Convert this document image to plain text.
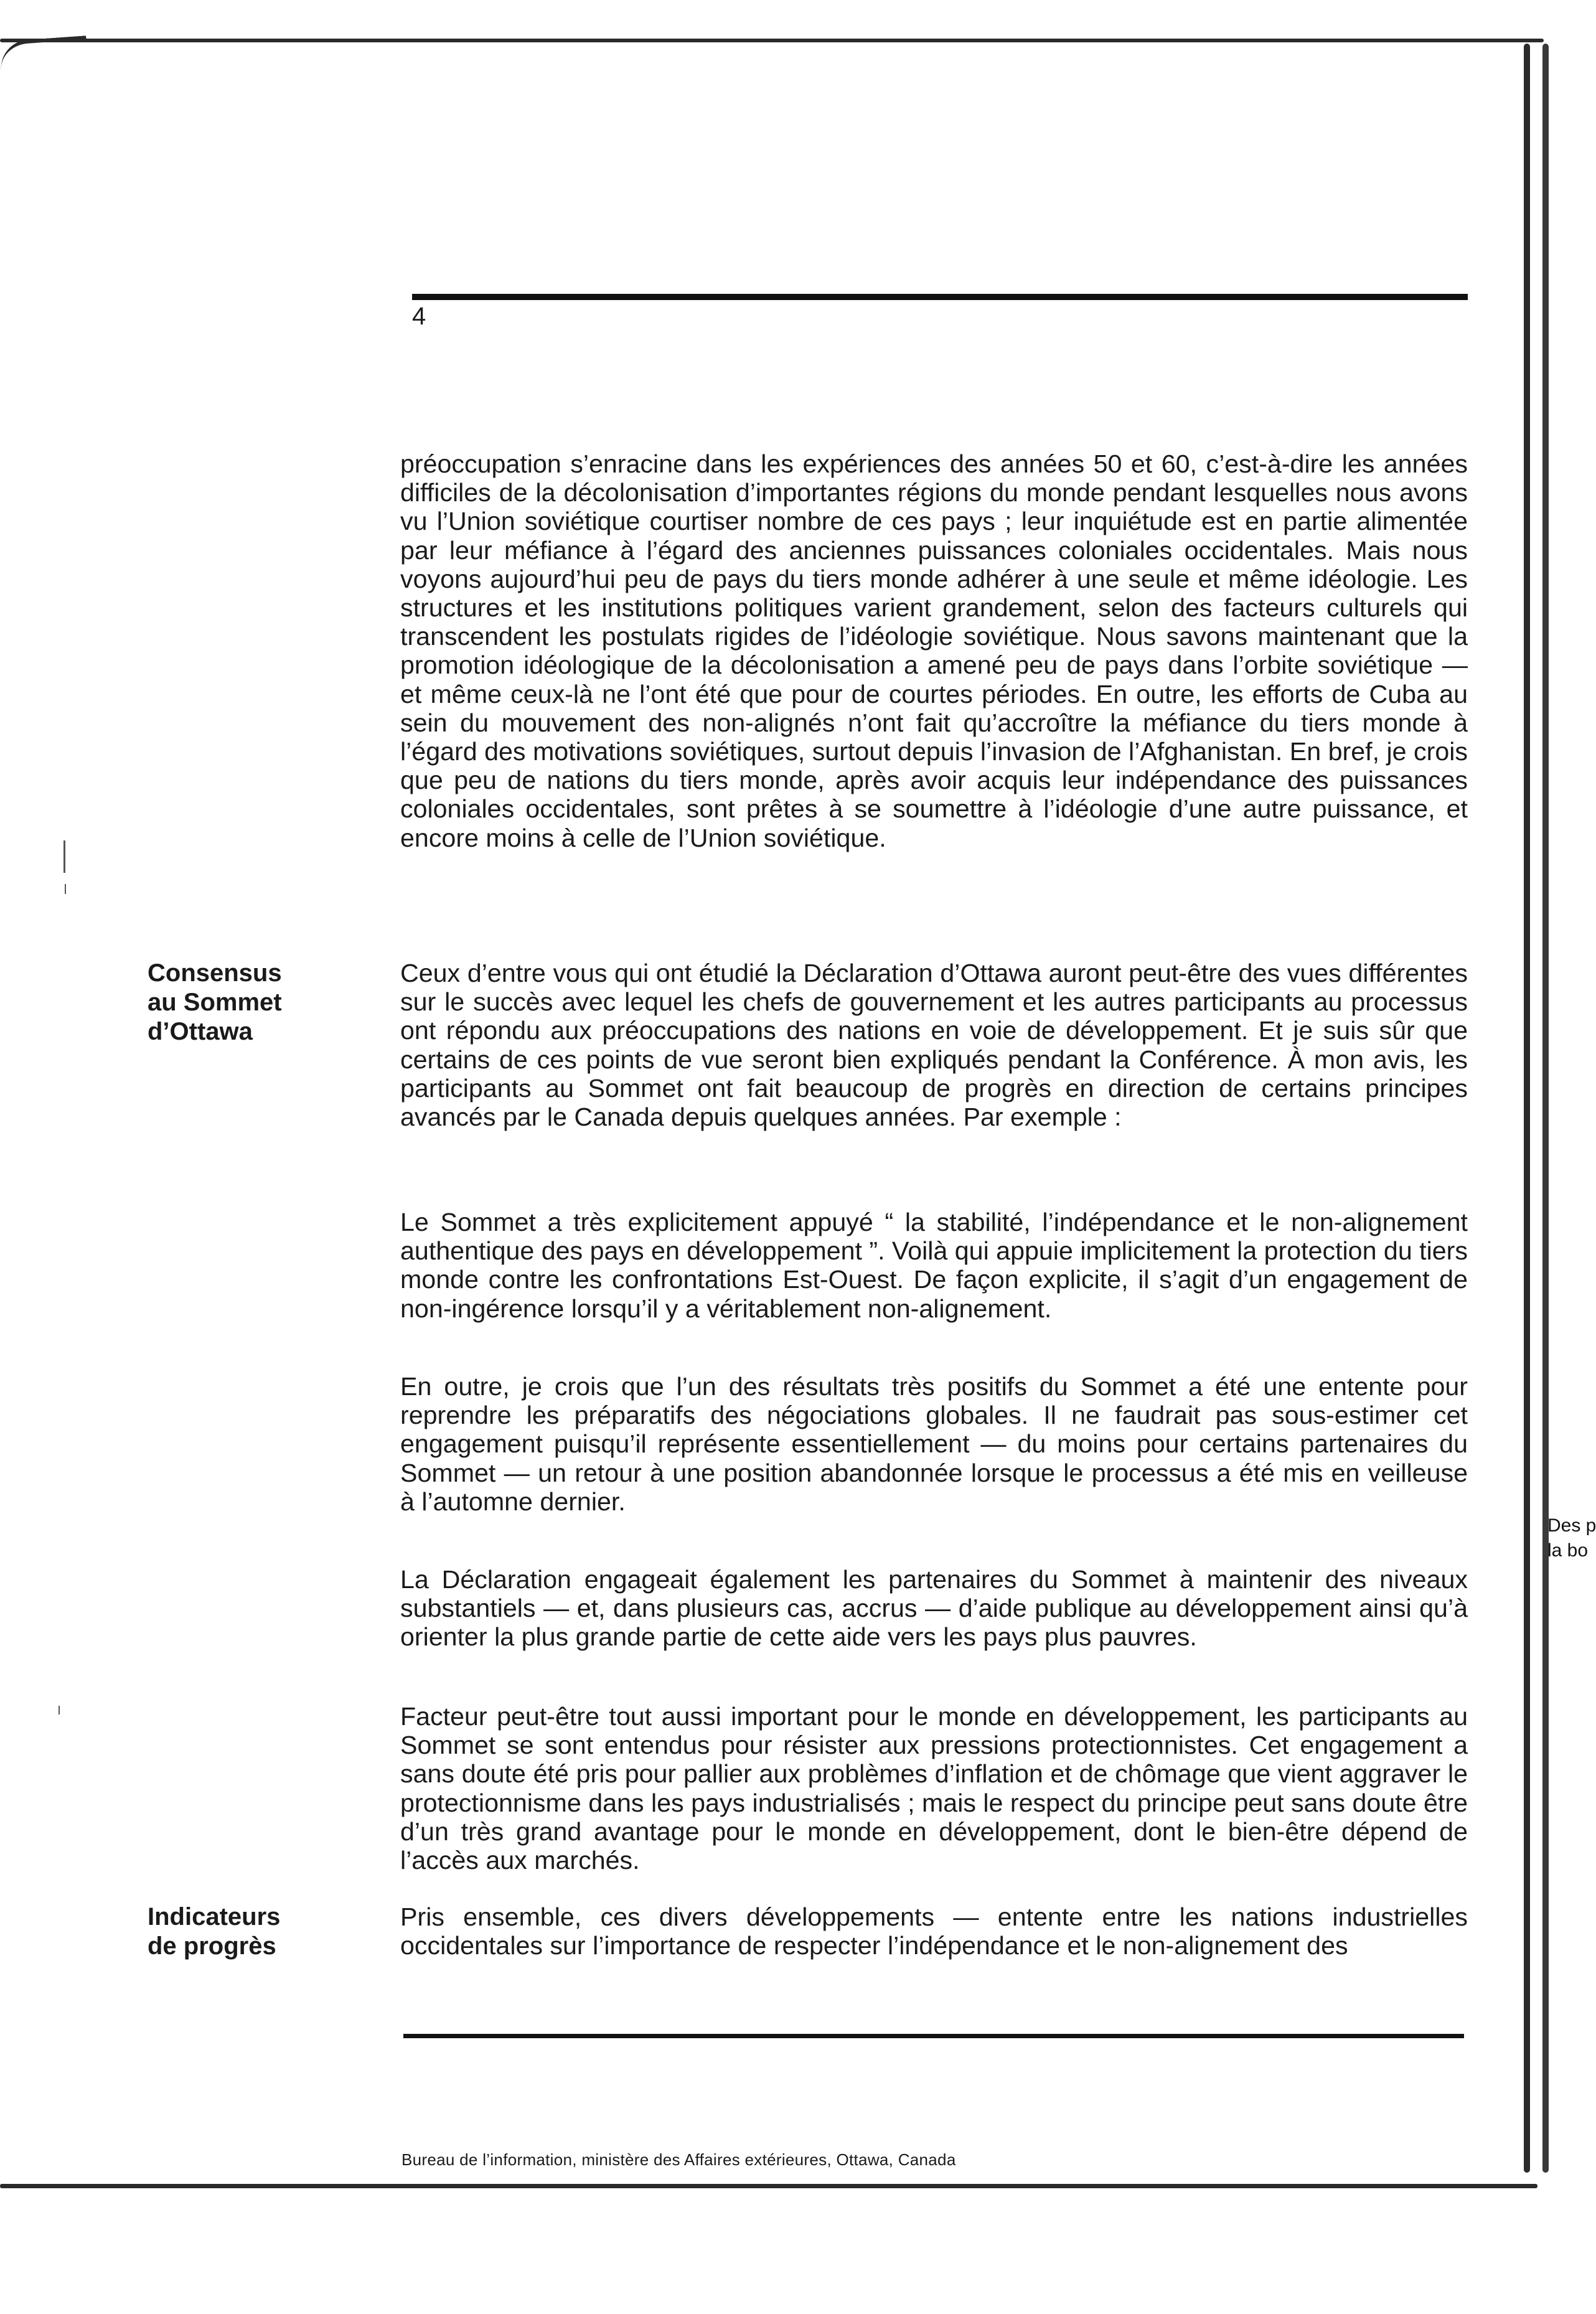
Des p
la bo
4
Consensus
au Sommet
d’Ottawa
Indicateurs
de progrès

préoccupation s’enracine dans les expériences des années 50 et 60, c’est-à-dire les années difficiles de la décolonisation d’importantes régions du monde pendant lesquelles nous avons vu l’Union soviétique courtiser nombre de ces pays ; leur inquiétude est en partie alimentée par leur méfiance à l’égard des anciennes puissances coloniales occidentales. Mais nous voyons aujourd’hui peu de pays du tiers monde adhérer à une seule et même idéologie. Les structures et les institutions politiques varient grandement, selon des facteurs culturels qui transcendent les postulats rigides de l’idéologie soviétique. Nous savons maintenant que la promotion idéologique de la décolonisation a amené peu de pays dans l’orbite soviétique — et même ceux-là ne l’ont été que pour de courtes périodes. En outre, les efforts de Cuba au sein du mouvement des non-alignés n’ont fait qu’accroître la méfiance du tiers monde à l’égard des motivations soviétiques, surtout depuis l’invasion de l’Afghanistan. En bref, je crois que peu de nations du tiers monde, après avoir acquis leur indépendance des puissances coloniales occidentales, sont prêtes à se soumettre à l’idéologie d’une autre puissance, et encore moins à celle de l’Union soviétique.

Ceux d’entre vous qui ont étudié la Déclaration d’Ottawa auront peut-être des vues différentes sur le succès avec lequel les chefs de gouvernement et les autres participants au processus ont répondu aux préoccupations des nations en voie de développement. Et je suis sûr que certains de ces points de vue seront bien expliqués pendant la Conférence. À mon avis, les participants au Sommet ont fait beaucoup de progrès en direction de certains principes avancés par le Canada depuis quelques années. Par exemple :

Le Sommet a très explicitement appuyé “ la stabilité, l’indépendance et le non-alignement authentique des pays en développement ”. Voilà qui appuie implicitement la protection du tiers monde contre les confrontations Est-Ouest. De façon explicite, il s’agit d’un engagement de non-ingérence lorsqu’il y a véritablement non-alignement.

En outre, je crois que l’un des résultats très positifs du Sommet a été une entente pour reprendre les préparatifs des négociations globales. Il ne faudrait pas sous-estimer cet engagement puisqu’il représente essentiellement — du moins pour certains partenaires du Sommet — un retour à une position abandonnée lorsque le processus a été mis en veilleuse à l’automne dernier.

La Déclaration engageait également les partenaires du Sommet à maintenir des niveaux substantiels — et, dans plusieurs cas, accrus — d’aide publique au développement ainsi qu’à orienter la plus grande partie de cette aide vers les pays plus pauvres.

Facteur peut-être tout aussi important pour le monde en développement, les participants au Sommet se sont entendus pour résister aux pressions protectionnistes. Cet engagement a sans doute été pris pour pallier aux problèmes d’inflation et de chômage que vient aggraver le protectionnisme dans les pays industrialisés ; mais le respect du principe peut sans doute être d’un très grand avantage pour le monde en développement, dont le bien-être dépend de l’accès aux marchés.

Pris ensemble, ces divers développements — entente entre les nations industrielles occidentales sur l’importance de respecter l’indépendance et le non-alignement des

Bureau de l’information, ministère des Affaires extérieures, Ottawa, Canada
